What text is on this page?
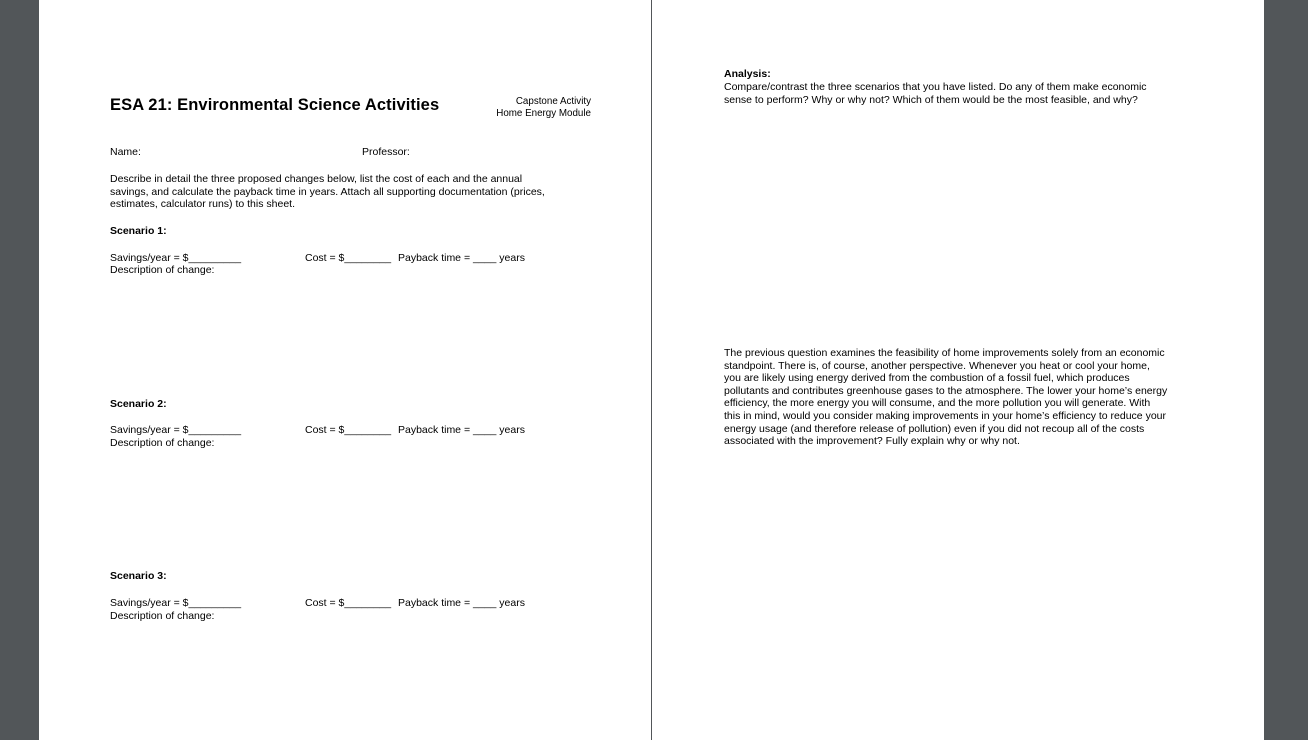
ESA 21: Environmental Science Activities	Capstone Activity
Home Energy Module
Name:	Professor:
Describe in detail the three proposed changes below, list the cost of each and the annual
savings, and calculate the payback time in years. Attach all supporting documentation (prices,
estimates, calculator runs) to this sheet.
Scenario 1:
Savings/year = $_________	Cost = $________ Payback time = ____ years
Description of change:
Scenario 2:
Savings/year = $_________	Cost = $________ Payback time = ____ years
Description of change:
Scenario 3:
Savings/year = $_________	Cost = $________ Payback time = ____ years
Description of change:
Analysis:
Compare/contrast the three scenarios that you have listed. Do any of them make economic
sense to perform? Why or why not? Which of them would be the most feasible, and why?
The previous question examines the feasibility of home improvements solely from an economic
standpoint. There is, of course, another perspective. Whenever you heat or cool your home,
you are likely using energy derived from the combustion of a fossil fuel, which produces
pollutants and contributes greenhouse gases to the atmosphere. The lower your home’s energy
efficiency, the more energy you will consume, and the more pollution you will generate. With
this in mind, would you consider making improvements in your home’s efficiency to reduce your
energy usage (and therefore release of pollution) even if you did not recoup all of the costs
associated with the improvement? Fully explain why or why not.
